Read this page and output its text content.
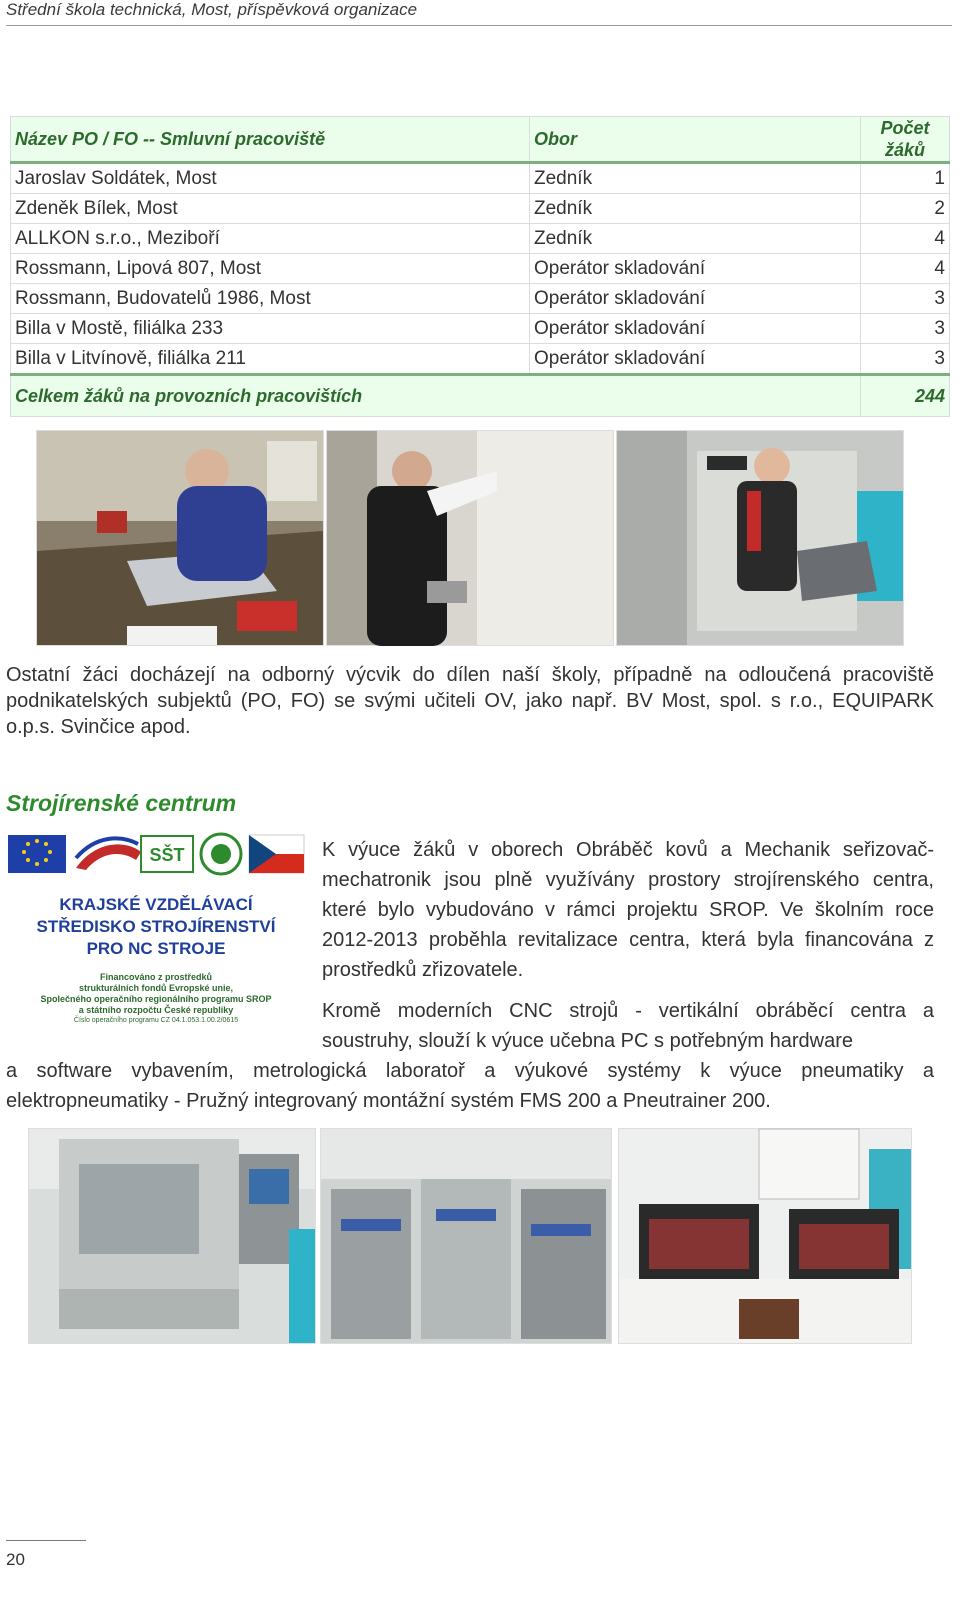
Střední škola technická, Most, příspěvková organizace
Název PO / FO -- Smluvní pracoviště	Obor	Počet
žáků
Jaroslav Soldátek, Most	Zedník	1
Zdeněk Bílek, Most	Zedník	2
ALLKON s.r.o., Meziboří	Zedník	4
Rossmann, Lipová 807, Most	Operátor skladování	4
Rossmann, Budovatelů 1986, Most	Operátor skladování	3
Billa v Mostě, filiálka 233	Operátor skladování	3
Billa v Litvínově, filiálka 211	Operátor skladování	3
Celkem žáků na provozních pracovištích		244

Ostatní žáci docházejí na odborný výcvik do dílen naší školy, případně na odloučená pracoviště podnikatelských subjektů (PO, FO) se svými učiteli OV, jako např. BV Most, spol. s r.o., EQUIPARK o.p.s. Svinčice apod.

Strojírenské centrum
SŠT
KRAJSKÉ VZDĚLÁVACÍ
STŘEDISKO STROJÍRENSTVÍ
PRO NC STROJE
Financováno z prostředků
strukturálních fondů Evropské unie,
Společného operačního regionálního programu SROP
a státního rozpočtu České republiky
Číslo operačního programu CZ 04.1.053.1.00.2/0615

K výuce žáků v oborech Obráběč kovů a Mechanik seřizovač-mechatronik jsou plně využívány prostory strojírenského centra, které bylo vybudováno v rámci projektu SROP. Ve školním roce 2012-2013 proběhla revitalizace centra, která byla financována z prostředků zřizovatele.

Kromě moderních CNC strojů - vertikální obráběcí centra a soustruhy, slouží k výuce učebna PC s potřebným hardware

a software vybavením, metrologická laboratoř a výukové systémy k výuce pneumatiky a elektropneumatiky - Pružný integrovaný montážní systém FMS 200 a Pneutrainer 200.

20
